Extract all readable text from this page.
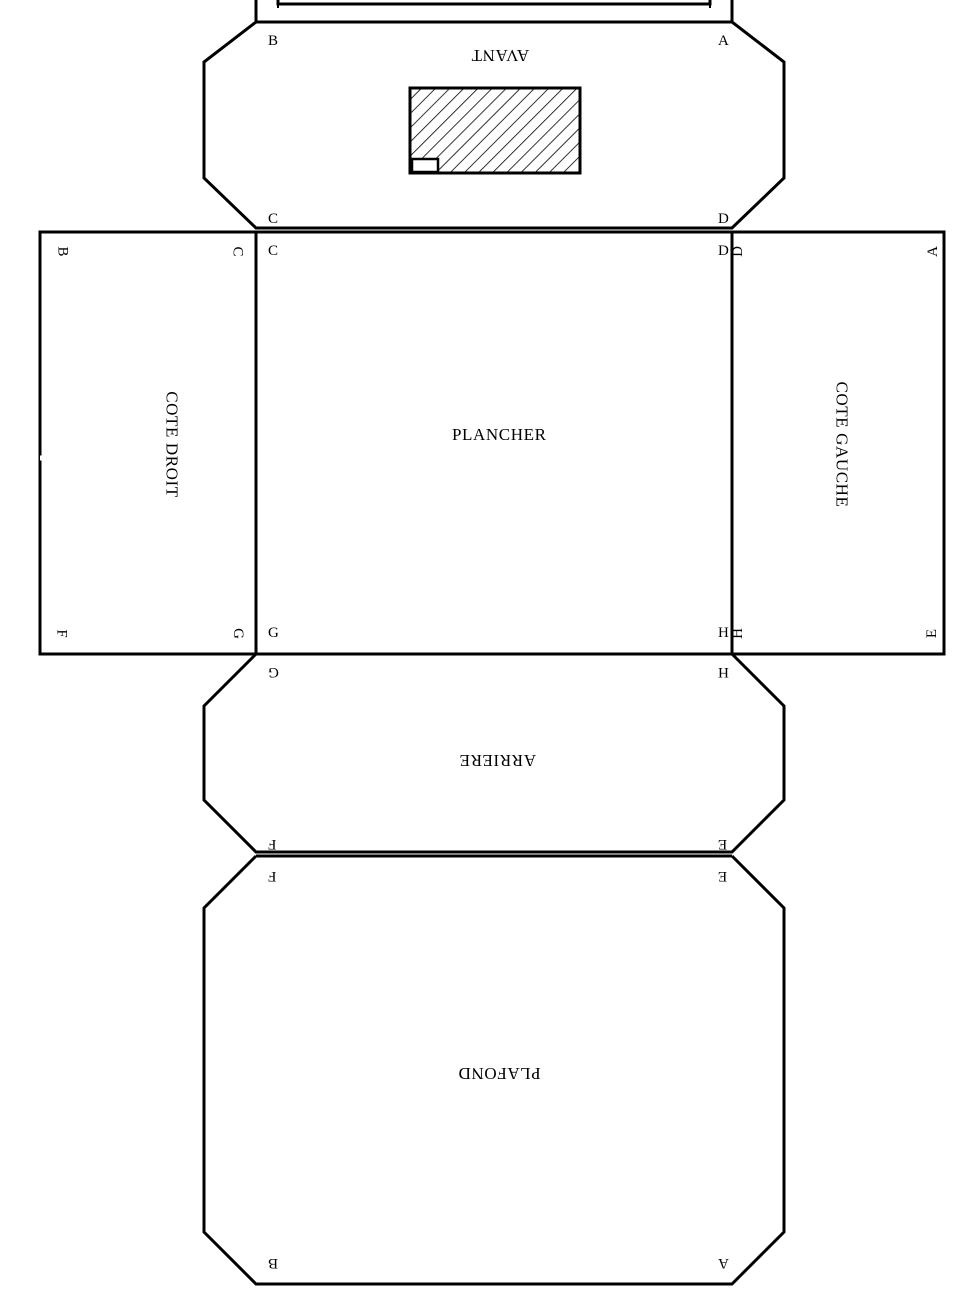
AVANT
COTE DROIT	PLANCHER	COTE GAUCHE
ARRIERE
PLAFOND
B	A
C	D
B	C
F	G
C	D
G	H
D	A
H	E
G	H
F	E
F	E
B	A
